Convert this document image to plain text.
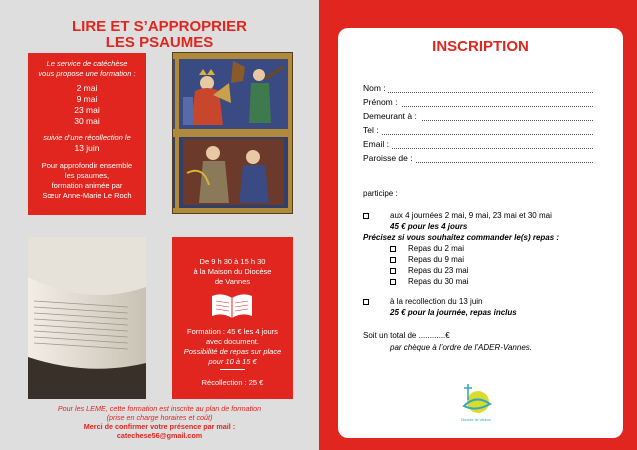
LIRE ET S’APPROPRIER
LES PSAUMES
Le service de catéchèse
vous propose une formation :
2 mai
9 mai
23 mai
30 mai
suivie d’une récollection le
13 juin
Pour approfondir ensemble
les psaumes,
formation animée par
Sœur Anne-Marie Le Roch
De 9 h 30 à 15 h 30
à la Maison du Diocèse
de Vannes
Formation : 45 € les 4 jours
avec document.
Possibilité de repas sur place
pour 10 à 15 €
Récollection : 25 €
Pour les LEME, cette formation est inscrite au plan de formation
(prise en charge horaires et coût)
Merci de confirmer votre présence par mail :
catechese56@gmail.com
INSCRIPTION
Nom :
Prénom :
Demeurant à :
Tel :
Email :
Paroisse de :
participe :
aux 4 journées 2 mai, 9 mai, 23 mai et 30 mai
45 € pour les 4 jours
Précisez si vous souhaitez commander le(s) repas :
Repas du 2 mai
Repas du 9 mai
Repas du 23 mai
Repas du 30 mai
à la recollection du 13 juin
25 € pour la journée, repas inclus
Soit un total de ............€
par chèque à l’ordre de l’ADER-Vannes.
Diocèse de Vannes
